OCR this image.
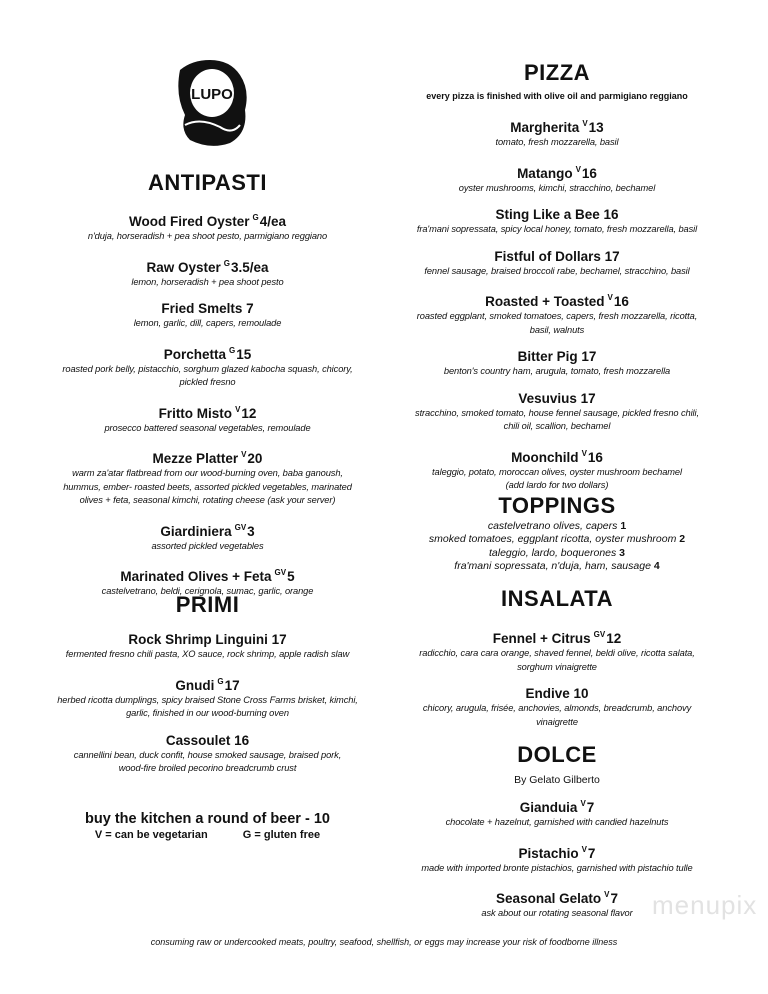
LUPO
ANTIPASTI
Wood Fired Oyster $^G$4/ea
n'duja, horseradish + pea shoot pesto, parmigiano reggiano
Raw Oyster $^G$3.5/ea
lemon, horseradish + pea shoot pesto
Fried Smelts 7
lemon, garlic, dill, capers, remoulade
Porchetta $^G$15
roasted pork belly, pistacchio, sorghum glazed kabocha squash, chicory,
pickled fresno
Fritto Misto $^V$12
prosecco battered seasonal vegetables, remoulade
Mezze Platter $^V$20
warm za'atar flatbread from our wood-burning oven, baba ganoush,
hummus, ember- roasted beets, assorted pickled vegetables, marinated
olives + feta, seasonal kimchi, rotating cheese (ask your server)
Giardiniera $^{GV}$3
assorted pickled vegetables
Marinated Olives + Feta $^{GV}$5
castelvetrano, beldi, cerignola, sumac, garlic, orange
PRIMI
Rock Shrimp Linguini 17
fermented fresno chili pasta, XO sauce, rock shrimp, apple radish slaw
Gnudi $^G$17
herbed ricotta dumplings, spicy braised Stone Cross Farms brisket, kimchi,
garlic, finished in our wood-burning oven
Cassoulet 16
cannellini bean, duck confit, house smoked sausage, braised pork,
wood-fire broiled pecorino breadcrumb crust
buy the kitchen a round of beer - 10
V = can be vegetarian	G = gluten free
PIZZA
every pizza is finished with olive oil and parmigiano reggiano
Margherita $^V$13
tomato, fresh mozzarella, basil
Matango $^V$16
oyster mushrooms, kimchi, stracchino, bechamel
Sting Like a Bee 16
fra'mani sopressata, spicy local honey, tomato, fresh mozzarella, basil
Fistful of Dollars 17
fennel sausage, braised broccoli rabe, bechamel, stracchino, basil
Roasted + Toasted $^V$16
roasted eggplant, smoked tomatoes, capers, fresh mozzarella, ricotta,
basil, walnuts
Bitter Pig 17
benton's country ham, arugula, tomato, fresh mozzarella
Vesuvius 17
stracchino, smoked tomato, house fennel sausage, pickled fresno chili,
chili oil, scallion, bechamel
Moonchild $^V$16
taleggio, potato, moroccan olives, oyster mushroom bechamel
(add lardo for two dollars)
TOPPINGS
castelvetrano olives, capers 1
smoked tomatoes, eggplant ricotta, oyster mushroom 2
taleggio, lardo, boquerones 3
fra'mani sopressata, n'duja, ham, sausage 4
INSALATA
Fennel + Citrus $^{GV}$12
radicchio, cara cara orange, shaved fennel, beldi olive, ricotta salata,
sorghum vinaigrette
Endive 10
chicory, arugula, frisée, anchovies, almonds, breadcrumb, anchovy
vinaigrette
DOLCE
By Gelato Gilberto
Gianduia $^V$7
chocolate + hazelnut, garnished with candied hazelnuts
Pistachio $^V$7
made with imported bronte pistachios, garnished with pistachio tulle
Seasonal Gelato $^V$7
ask about our rotating seasonal flavor menupix
consuming raw or undercooked meats, poultry, seafood, shellfish, or eggs may increase your risk of foodborne illness
